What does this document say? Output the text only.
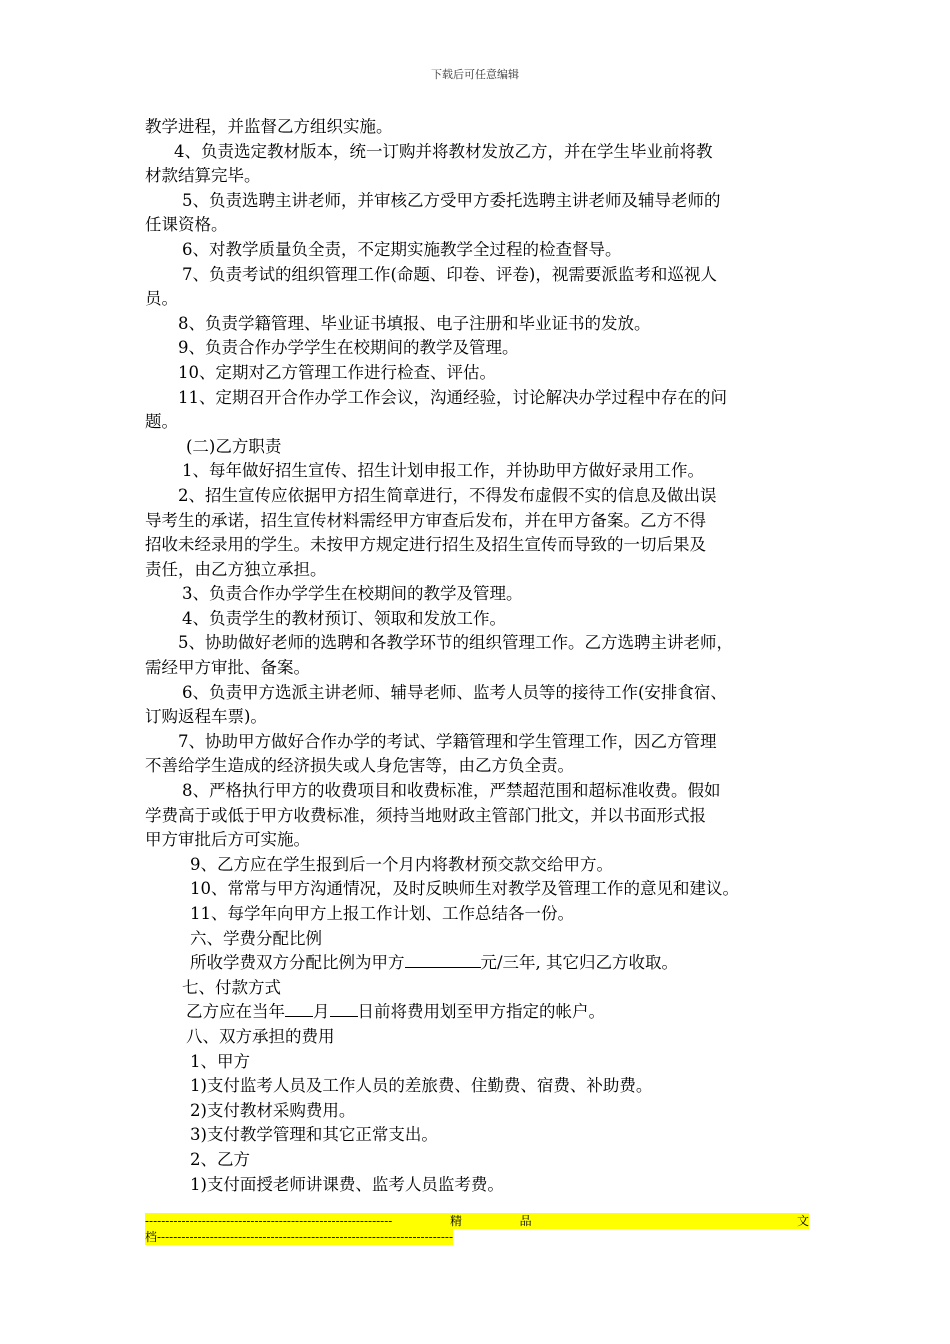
下载后可任意编辑

教学进程，并监督乙方组织实施。

4、负责选定教材版本，统一订购并将教材发放乙方，并在学生毕业前将教

材款结算完毕。

5、负责选聘主讲老师，并审核乙方受甲方委托选聘主讲老师及辅导老师的

任课资格。

6、对教学质量负全责，不定期实施教学全过程的检查督导。

7、负责考试的组织管理工作(命题、印卷、评卷)，视需要派监考和巡视人

员。

8、负责学籍管理、毕业证书填报、电子注册和毕业证书的发放。

9、负责合作办学学生在校期间的教学及管理。

10、定期对乙方管理工作进行检查、评估。

11、定期召开合作办学工作会议，沟通经验，讨论解决办学过程中存在的问

题。

(二)乙方职责

1、每年做好招生宣传、招生计划申报工作，并协助甲方做好录用工作。

2、招生宣传应依据甲方招生简章进行，不得发布虚假不实的信息及做出误

导考生的承诺，招生宣传材料需经甲方审查后发布，并在甲方备案。乙方不得

招收未经录用的学生。未按甲方规定进行招生及招生宣传而导致的一切后果及

责任，由乙方独立承担。

3、负责合作办学学生在校期间的教学及管理。

4、负责学生的教材预订、领取和发放工作。

5、协助做好老师的选聘和各教学环节的组织管理工作。乙方选聘主讲老师，

需经甲方审批、备案。

6、负责甲方选派主讲老师、辅导老师、监考人员等的接待工作(安排食宿、

订购返程车票)。

7、协助甲方做好合作办学的考试、学籍管理和学生管理工作，因乙方管理

不善给学生造成的经济损失或人身危害等，由乙方负全责。

8、严格执行甲方的收费项目和收费标准，严禁超范围和超标准收费。假如

学费高于或低于甲方收费标准，须持当地财政主管部门批文，并以书面形式报

甲方审批后方可实施。

9、乙方应在学生报到后一个月内将教材预交款交给甲方。

10、常常与甲方沟通情况，及时反映师生对教学及管理工作的意见和建议。

11、每学年向甲方上报工作计划、工作总结各一份。

六、学费分配比例

所收学费双方分配比例为甲方	元/三年, 其它归乙方收取。

七、付款方式

乙方应在当年 月 日前将费用划至甲方指定的帐户。

八、双方承担的费用

1、甲方

1)支付监考人员及工作人员的差旅费、住勤费、宿费、补助费。

2)支付教材采购费用。

3)支付教学管理和其它正常支出。

2、乙方

1)支付面授老师讲课费、监考人员监考费。

-------------------------------------------------------------	精	品	文
档-------------------------------------------------------------------------
